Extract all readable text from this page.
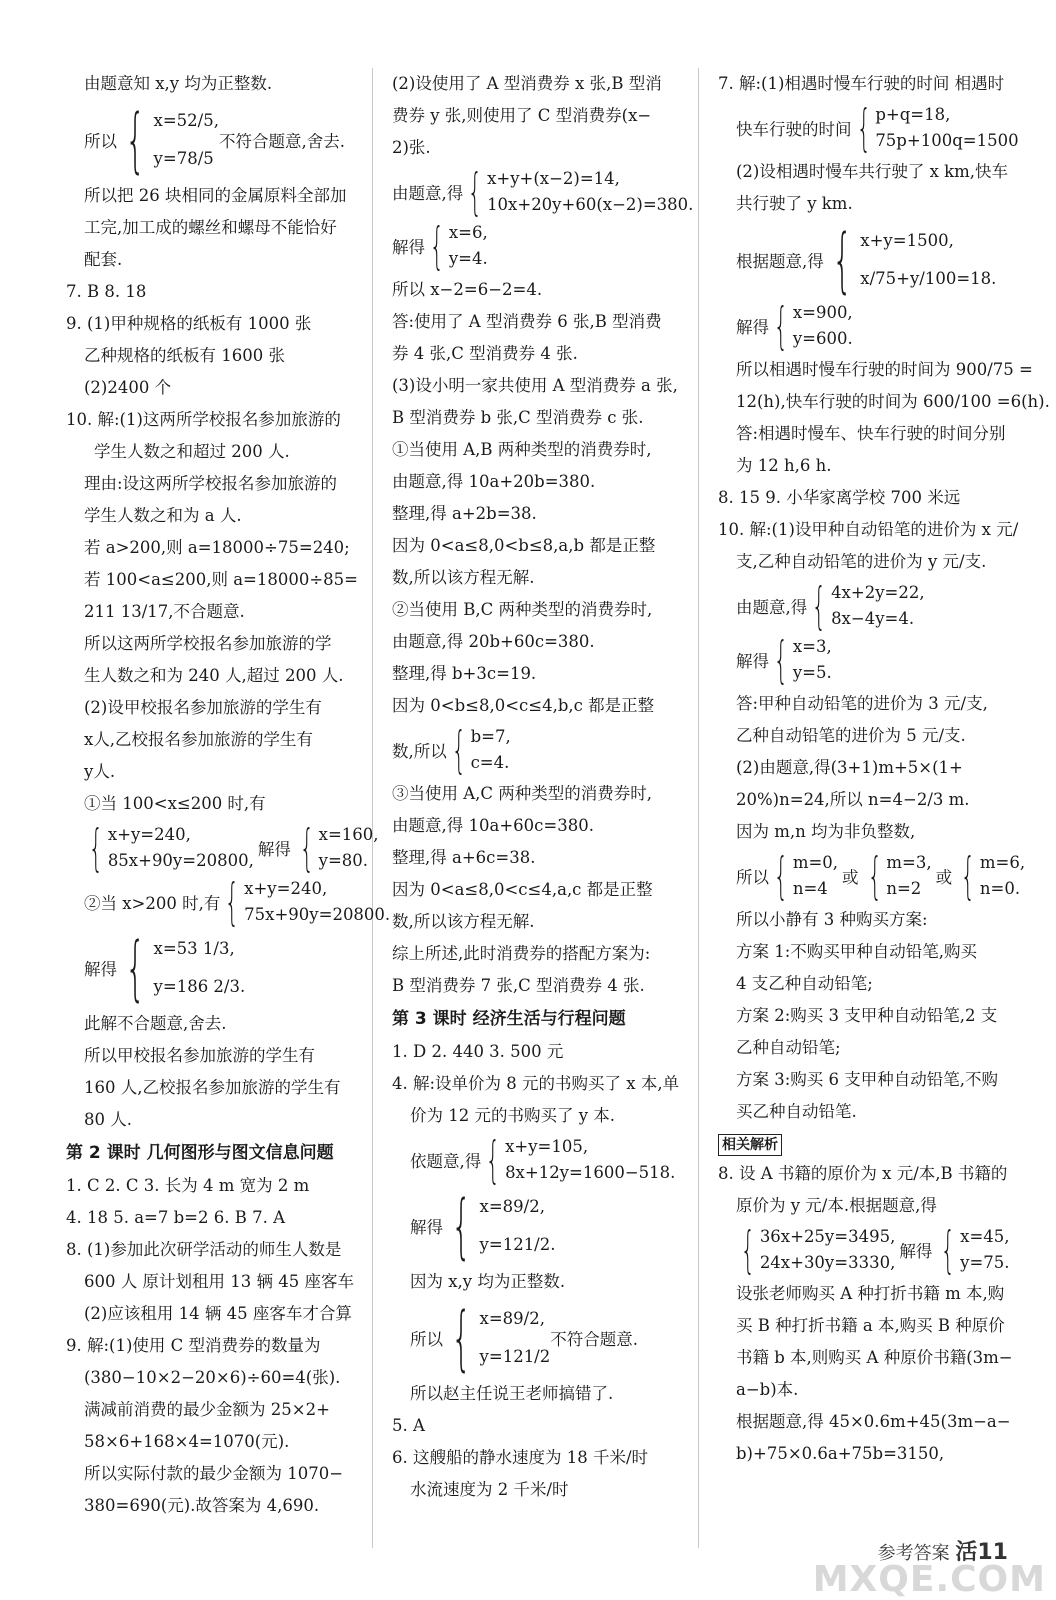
由题意知 x,y 均为正整数.

所以 { x=52/5,
y=78/5
不符合题意,舍去.

所以把 26 块相同的金属原料全部加

工完,加工成的螺丝和螺母不能恰好

配套.

7. B 8. 18

9. (1)甲种规格的纸板有 1000 张

乙种规格的纸板有 1600 张

(2)2400 个

10. 解:(1)这两所学校报名参加旅游的

学生人数之和超过 200 人.

理由:设这两所学校报名参加旅游的

学生人数之和为 a 人.

若 a>200,则 a=18000÷75=240;

若 100<a≤200,则 a=18000÷85=

211 13/17,不合题意.

所以这两所学校报名参加旅游的学

生人数之和为 240 人,超过 200 人.

(2)设甲校报名参加旅游的学生有

x人,乙校报名参加旅游的学生有

y人.

①当 100<x≤200 时,有

{ x+y=240,
85x+90y=20800,
解得 { x=160,
y=80.
②当 x>200 时,有 { x+y=240,
75x+90y=20800.
解得 { x=53 1/3,
y=186 2/3.

此解不合题意,舍去.

所以甲校报名参加旅游的学生有

160 人,乙校报名参加旅游的学生有

80 人.

第 2 课时 几何图形与图文信息问题

1. C 2. C 3. 长为 4 m 宽为 2 m

4. 18 5. a=7 b=2 6. B 7. A

8. (1)参加此次研学活动的师生人数是

600 人 原计划租用 13 辆 45 座客车

(2)应该租用 14 辆 45 座客车才合算

9. 解:(1)使用 C 型消费券的数量为

(380−10×2−20×6)÷60=4(张).

满减前消费的最少金额为 25×2+

58×6+168×4=1070(元).

所以实际付款的最少金额为 1070−

380=690(元).故答案为 4,690.

(2)设使用了 A 型消费券 x 张,B 型消

费券 y 张,则使用了 C 型消费券(x−

2)张.

由题意,得 { x+y+(x−2)=14,
10x+20y+60(x−2)=380.
解得 { x=6,
y=4.

所以 x−2=6−2=4.

答:使用了 A 型消费券 6 张,B 型消费

券 4 张,C 型消费券 4 张.

(3)设小明一家共使用 A 型消费券 a 张,

B 型消费券 b 张,C 型消费券 c 张.

①当使用 A,B 两种类型的消费券时,

由题意,得 10a+20b=380.

整理,得 a+2b=38.

因为 0<a≤8,0<b≤8,a,b 都是正整

数,所以该方程无解.

②当使用 B,C 两种类型的消费券时,

由题意,得 20b+60c=380.

整理,得 b+3c=19.

因为 0<b≤8,0<c≤4,b,c 都是正整

数,所以 { b=7,
c=4.

③当使用 A,C 两种类型的消费券时,

由题意,得 10a+60c=380.

整理,得 a+6c=38.

因为 0<a≤8,0<c≤4,a,c 都是正整

数,所以该方程无解.

综上所述,此时消费券的搭配方案为:

B 型消费券 7 张,C 型消费券 4 张.

第 3 课时 经济生活与行程问题

1. D 2. 440 3. 500 元

4. 解:设单价为 8 元的书购买了 x 本,单

价为 12 元的书购买了 y 本.

依题意,得 { x+y=105,
8x+12y=1600−518.
解得 { x=89/2,
y=121/2.

因为 x,y 均为正整数.

所以 { x=89/2,
y=121/2
不符合题意.

所以赵主任说王老师搞错了.

5. A

6. 这艘船的静水速度为 18 千米/时

水流速度为 2 千米/时

7. 解:(1)相遇时慢车行驶的时间 相遇时

快车行驶的时间 { p+q=18,
75p+100q=1500

(2)设相遇时慢车共行驶了 x km,快车

共行驶了 y km.

根据题意,得 { x+y=1500,
x/75+y/100=18.
解得 { x=900,
y=600.

所以相遇时慢车行驶的时间为 900/75 =

12(h),快车行驶的时间为 600/100 =6(h).

答:相遇时慢车、快车行驶的时间分别

为 12 h,6 h.

8. 15 9. 小华家离学校 700 米远

10. 解:(1)设甲种自动铅笔的进价为 x 元/

支,乙种自动铅笔的进价为 y 元/支.

由题意,得 { 4x+2y=22,
8x−4y=4.
解得 { x=3,
y=5.

答:甲种自动铅笔的进价为 3 元/支,

乙种自动铅笔的进价为 5 元/支.

(2)由题意,得(3+1)m+5×(1+

20%)n=24,所以 n=4−2/3 m.

因为 m,n 均为非负整数,

所以 { m=0,
n=4
或 { m=3,
n=2
或 { m=6,
n=0.

所以小静有 3 种购买方案:

方案 1:不购买甲种自动铅笔,购买

4 支乙种自动铅笔;

方案 2:购买 3 支甲种自动铅笔,2 支

乙种自动铅笔;

方案 3:购买 6 支甲种自动铅笔,不购

买乙种自动铅笔.

相关解析

8. 设 A 书籍的原价为 x 元/本,B 书籍的

原价为 y 元/本.根据题意,得

{ 36x+25y=3495,
24x+30y=3330,
解得 { x=45,
y=75.

设张老师购买 A 种打折书籍 m 本,购

买 B 种打折书籍 a 本,购买 B 种原价

书籍 b 本,则购买 A 种原价书籍(3m−

a−b)本.

根据题意,得 45×0.6m+45(3m−a−

b)+75×0.6a+75b=3150,

参考答案 活11
MXQE.COM
